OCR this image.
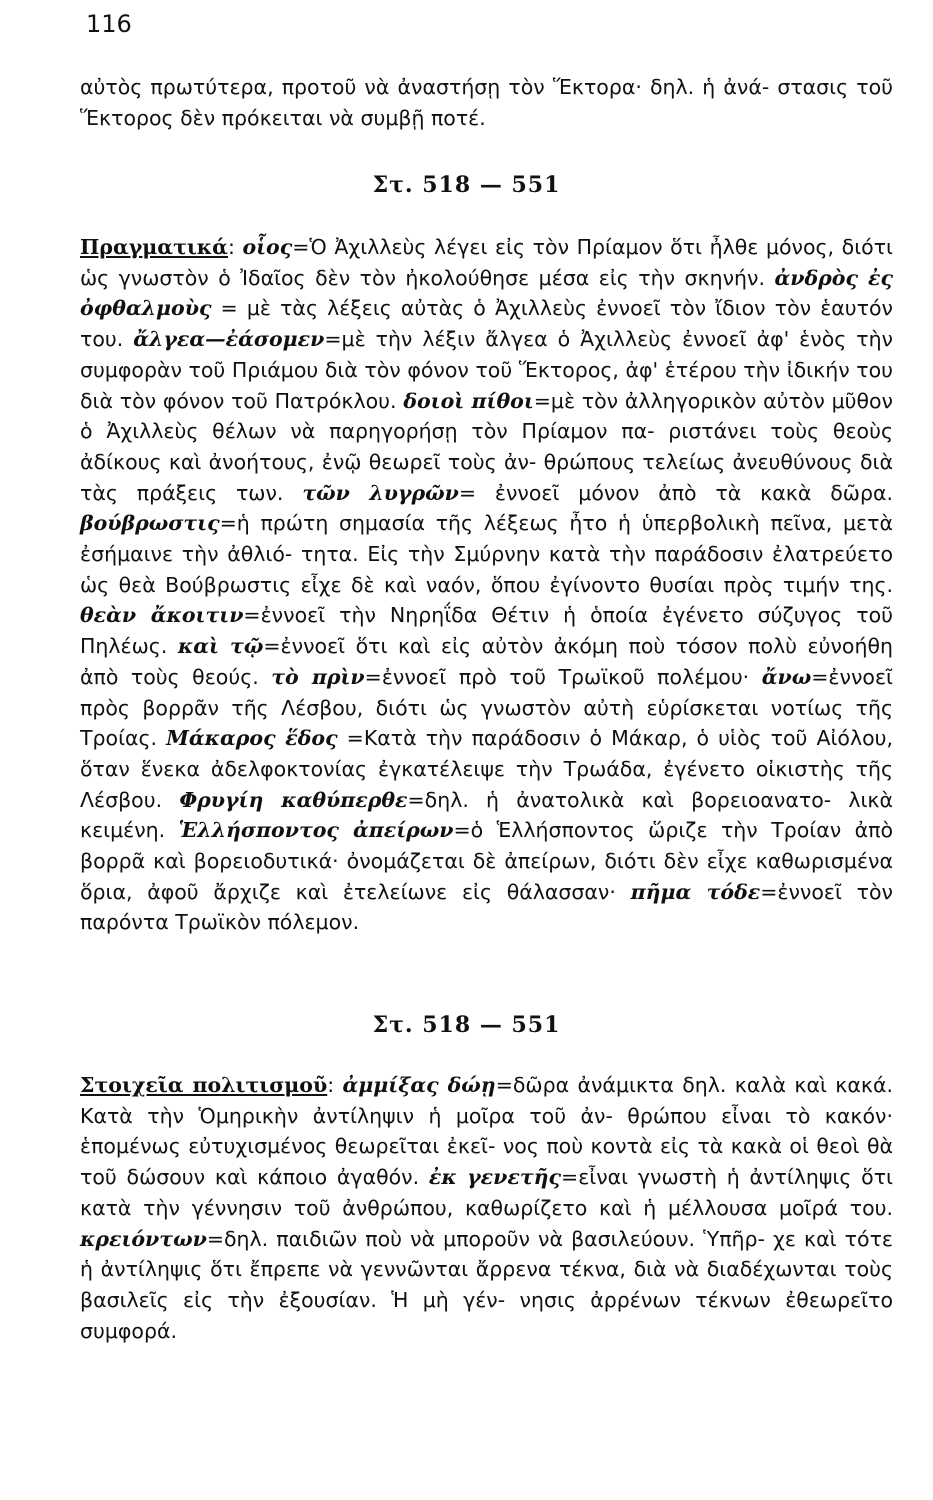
116
αὐτὸς πρωτύτερα, προτοῦ νὰ ἀναστήσῃ τὸν Ἕκτορα· δηλ. ἡ ἀνά- στασις τοῦ Ἕκτορος δὲν πρόκειται νὰ συμβῇ ποτέ.
Στ. 518 — 551
Πραγματικά: οἷος=Ὁ Ἀχιλλεὺς λέγει εἰς τὸν Πρίαμον ὅτι ἦλθε μόνος, διότι ὡς γνωστὸν ὁ Ἰδαῖος δὲν τὸν ἠκολούθησε μέσα εἰς τὴν σκηνήν. ἀνδρὸς ἐς ὀφθαλμοὺς = μὲ τὰς λέξεις αὐτὰς ὁ Ἀχιλλεὺς ἐννοεῖ τὸν ἴδιον τὸν ἑαυτόν του. ἄλγεα—ἐάσομεν=μὲ τὴν λέξιν ἄλγεα ὁ Ἀχιλλεὺς ἐννοεῖ ἀφ' ἑνὸς τὴν συμφορὰν τοῦ Πριάμου διὰ τὸν φόνον τοῦ Ἕκτορος, ἀφ' ἑτέρου τὴν ἰδικήν του διὰ τὸν φόνον τοῦ Πατρόκλου. δοιοὶ πίθοι=μὲ τὸν ἀλληγορικὸν αὐτὸν μῦθον ὁ Ἀχιλλεὺς θέλων νὰ παρηγορήσῃ τὸν Πρίαμον πα- ριστάνει τοὺς θεοὺς ἀδίκους καὶ ἀνοήτους, ἐνῷ θεωρεῖ τοὺς ἀν- θρώπους τελείως ἀνευθύνους διὰ τὰς πράξεις των. τῶν λυγρῶν= ἐννοεῖ μόνον ἀπὸ τὰ κακὰ δῶρα. βούβρωστις=ἡ πρώτη σημασία τῆς λέξεως ἦτο ἡ ὑπερβολικὴ πεῖνα, μετὰ ἐσήμαινε τὴν ἀθλιό- τητα. Εἰς τὴν Σμύρνην κατὰ τὴν παράδοσιν ἐλατρεύετο ὡς θεὰ Βούβρωστις εἶχε δὲ καὶ ναόν, ὅπου ἐγίνοντο θυσίαι πρὸς τιμήν της. θεὰν ἄκοιτιν=ἐννοεῖ τὴν Νηρηΐδα Θέτιν ἡ ὁποία ἐγένετο σύζυγος τοῦ Πηλέως. καὶ τῷ=ἐννοεῖ ὅτι καὶ εἰς αὐτὸν ἀκόμη ποὺ τόσον πολὺ εὐνοήθη ἀπὸ τοὺς θεούς. τὸ πρὶν=ἐννοεῖ πρὸ τοῦ Τρωϊκοῦ πολέμου· ἄνω=ἐννοεῖ πρὸς βορρᾶν τῆς Λέσβου, διότι ὡς γνωστὸν αὐτὴ εὑρίσκεται νοτίως τῆς Τροίας. Μάκαρος ἕδος =Κατὰ τὴν παράδοσιν ὁ Μάκαρ, ὁ υἱὸς τοῦ Αἰόλου, ὅταν ἕνεκα ἀδελφοκτονίας ἐγκατέλειψε τὴν Τρωάδα, ἐγένετο οἰκιστὴς τῆς Λέσβου. Φρυγίη καθύπερθε=δηλ. ἡ ἀνατολικὰ καὶ βορειοανατο- λικὰ κειμένη. Ἑλλήσποντος ἀπείρων=ὁ Ἑλλήσποντος ὥριζε τὴν Τροίαν ἀπὸ βορρᾶ καὶ βορειοδυτικά· ὀνομάζεται δὲ ἀπείρων, διότι δὲν εἶχε καθωρισμένα ὅρια, ἀφοῦ ἄρχιζε καὶ ἐτελείωνε εἰς θάλασσαν· πῆμα τόδε=ἐννοεῖ τὸν παρόντα Τρωϊκὸν πόλεμον.
Στ. 518 — 551
Στοιχεῖα πολιτισμοῦ: ἀμμίξας δώῃ=δῶρα ἀνάμικτα δηλ. καλὰ καὶ κακά. Κατὰ τὴν Ὁμηρικὴν ἀντίληψιν ἡ μοῖρα τοῦ ἀν- θρώπου εἶναι τὸ κακόν· ἑπομένως εὐτυχισμένος θεωρεῖται ἐκεῖ- νος ποὺ κοντὰ εἰς τὰ κακὰ οἱ θεοὶ θὰ τοῦ δώσουν καὶ κάποιο ἀγαθόν. ἐκ γενετῆς=εἶναι γνωστὴ ἡ ἀντίληψις ὅτι κατὰ τὴν γέννησιν τοῦ ἀνθρώπου, καθωρίζετο καὶ ἡ μέλλουσα μοῖρά του. κρειόντων=δηλ. παιδιῶν ποὺ νὰ μποροῦν νὰ βασιλεύουν. Ὑπῆρ- χε καὶ τότε ἡ ἀντίληψις ὅτι ἔπρεπε νὰ γεννῶνται ἄρρενα τέκνα, διὰ νὰ διαδέχωνται τοὺς βασιλεῖς εἰς τὴν ἐξουσίαν. Ἡ μὴ γέν- νησις ἀρρένων τέκνων ἐθεωρεῖτο συμφορά.
